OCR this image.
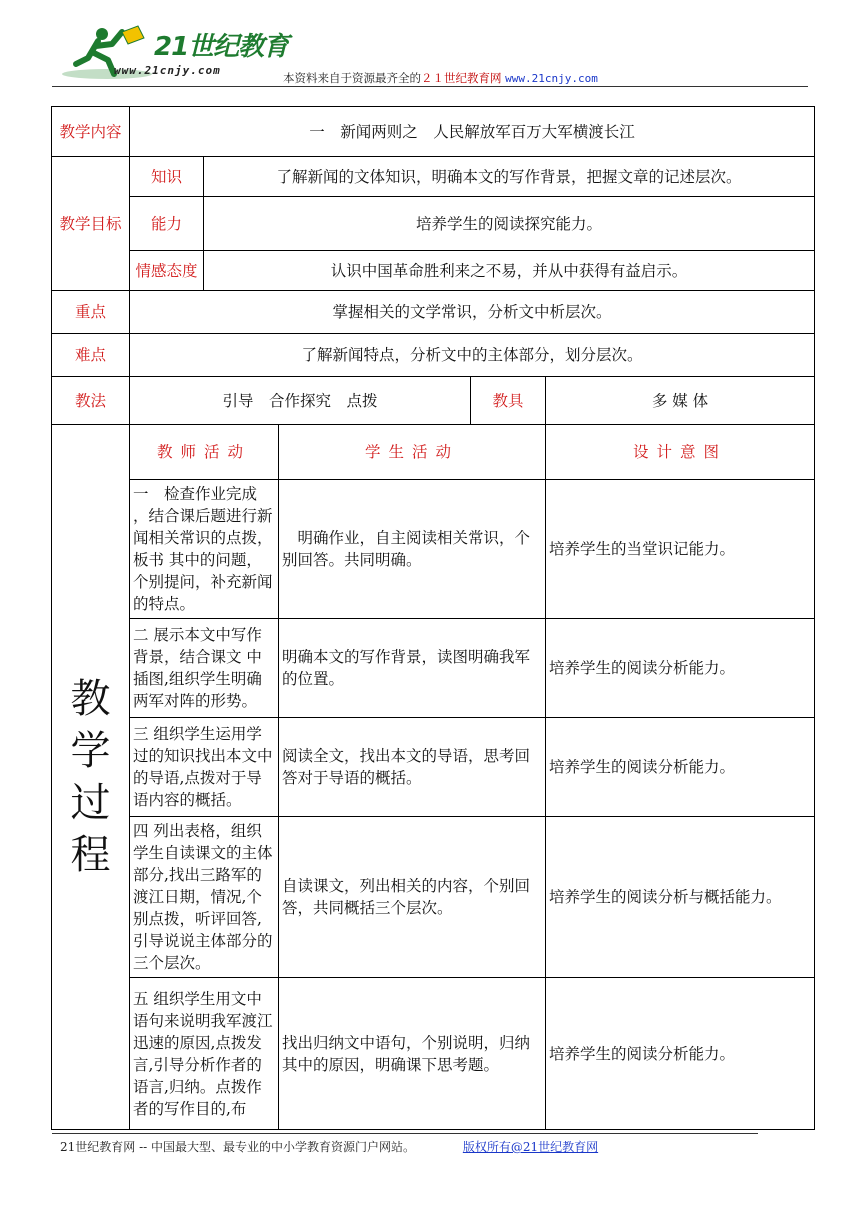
21世纪教育
www.21cnjy.com
本资料来自于资源最齐全的２１世纪教育网 www.21cnjy.com
教学内容	一　新闻两则之　人民解放军百万大军横渡长江				
教学目标	知识	了解新闻的文体知识，明确本文的写作背景，把握文章的记述层次。			
	能力	培养学生的阅读探究能力。			
	情感态度	认识中国革命胜利来之不易，并从中获得有益启示。			
重点	掌握相关的文学常识，分析文中析层次。				
难点	了解新闻特点，分析文中的主体部分，划分层次。				
教法	引导　合作探究　点拨			教具	多 媒 体

教
学
过
程	教师活动		学生活动		设计意图

	一　检查作业完成 ，结合课后题进行新闻相关常识的点拨，板书 其中的问题，个别提问，补充新闻的特点。		　明确作业，自主阅读相关常识，个别回答。共同明确。		培养学生的当堂识记能力。

	二 展示本文中写作背景，结合课文 中插图,组织学生明确两军对阵的形势。		明确本文的写作背景，读图明确我军的位置。		培养学生的阅读分析能力。

	三 组织学生运用学过的知识找出本文中的导语,点拨对于导语内容的概括。		阅读全文，找出本文的导语，思考回答对于导语的概括。		培养学生的阅读分析能力。

	四 列出表格，组织学生自读课文的主体部分,找出三路军的渡江日期，情况,个别点拨，听评回答,引导说说主体部分的三个层次。		自读课文，列出相关的内容，个别回答，共同概括三个层次。		培养学生的阅读分析与概括能力。

	五 组织学生用文中语句来说明我军渡江迅速的原因,点拨发言,引导分析作者的语言,归纳。点拨作者的写作目的,布		找出归纳文中语句，个别说明，归纳其中的原因，明确课下思考题。		培养学生的阅读分析能力。
21世纪教育网 -- 中国最大型、最专业的中小学教育资源门户网站。	版权所有@21世纪教育网
